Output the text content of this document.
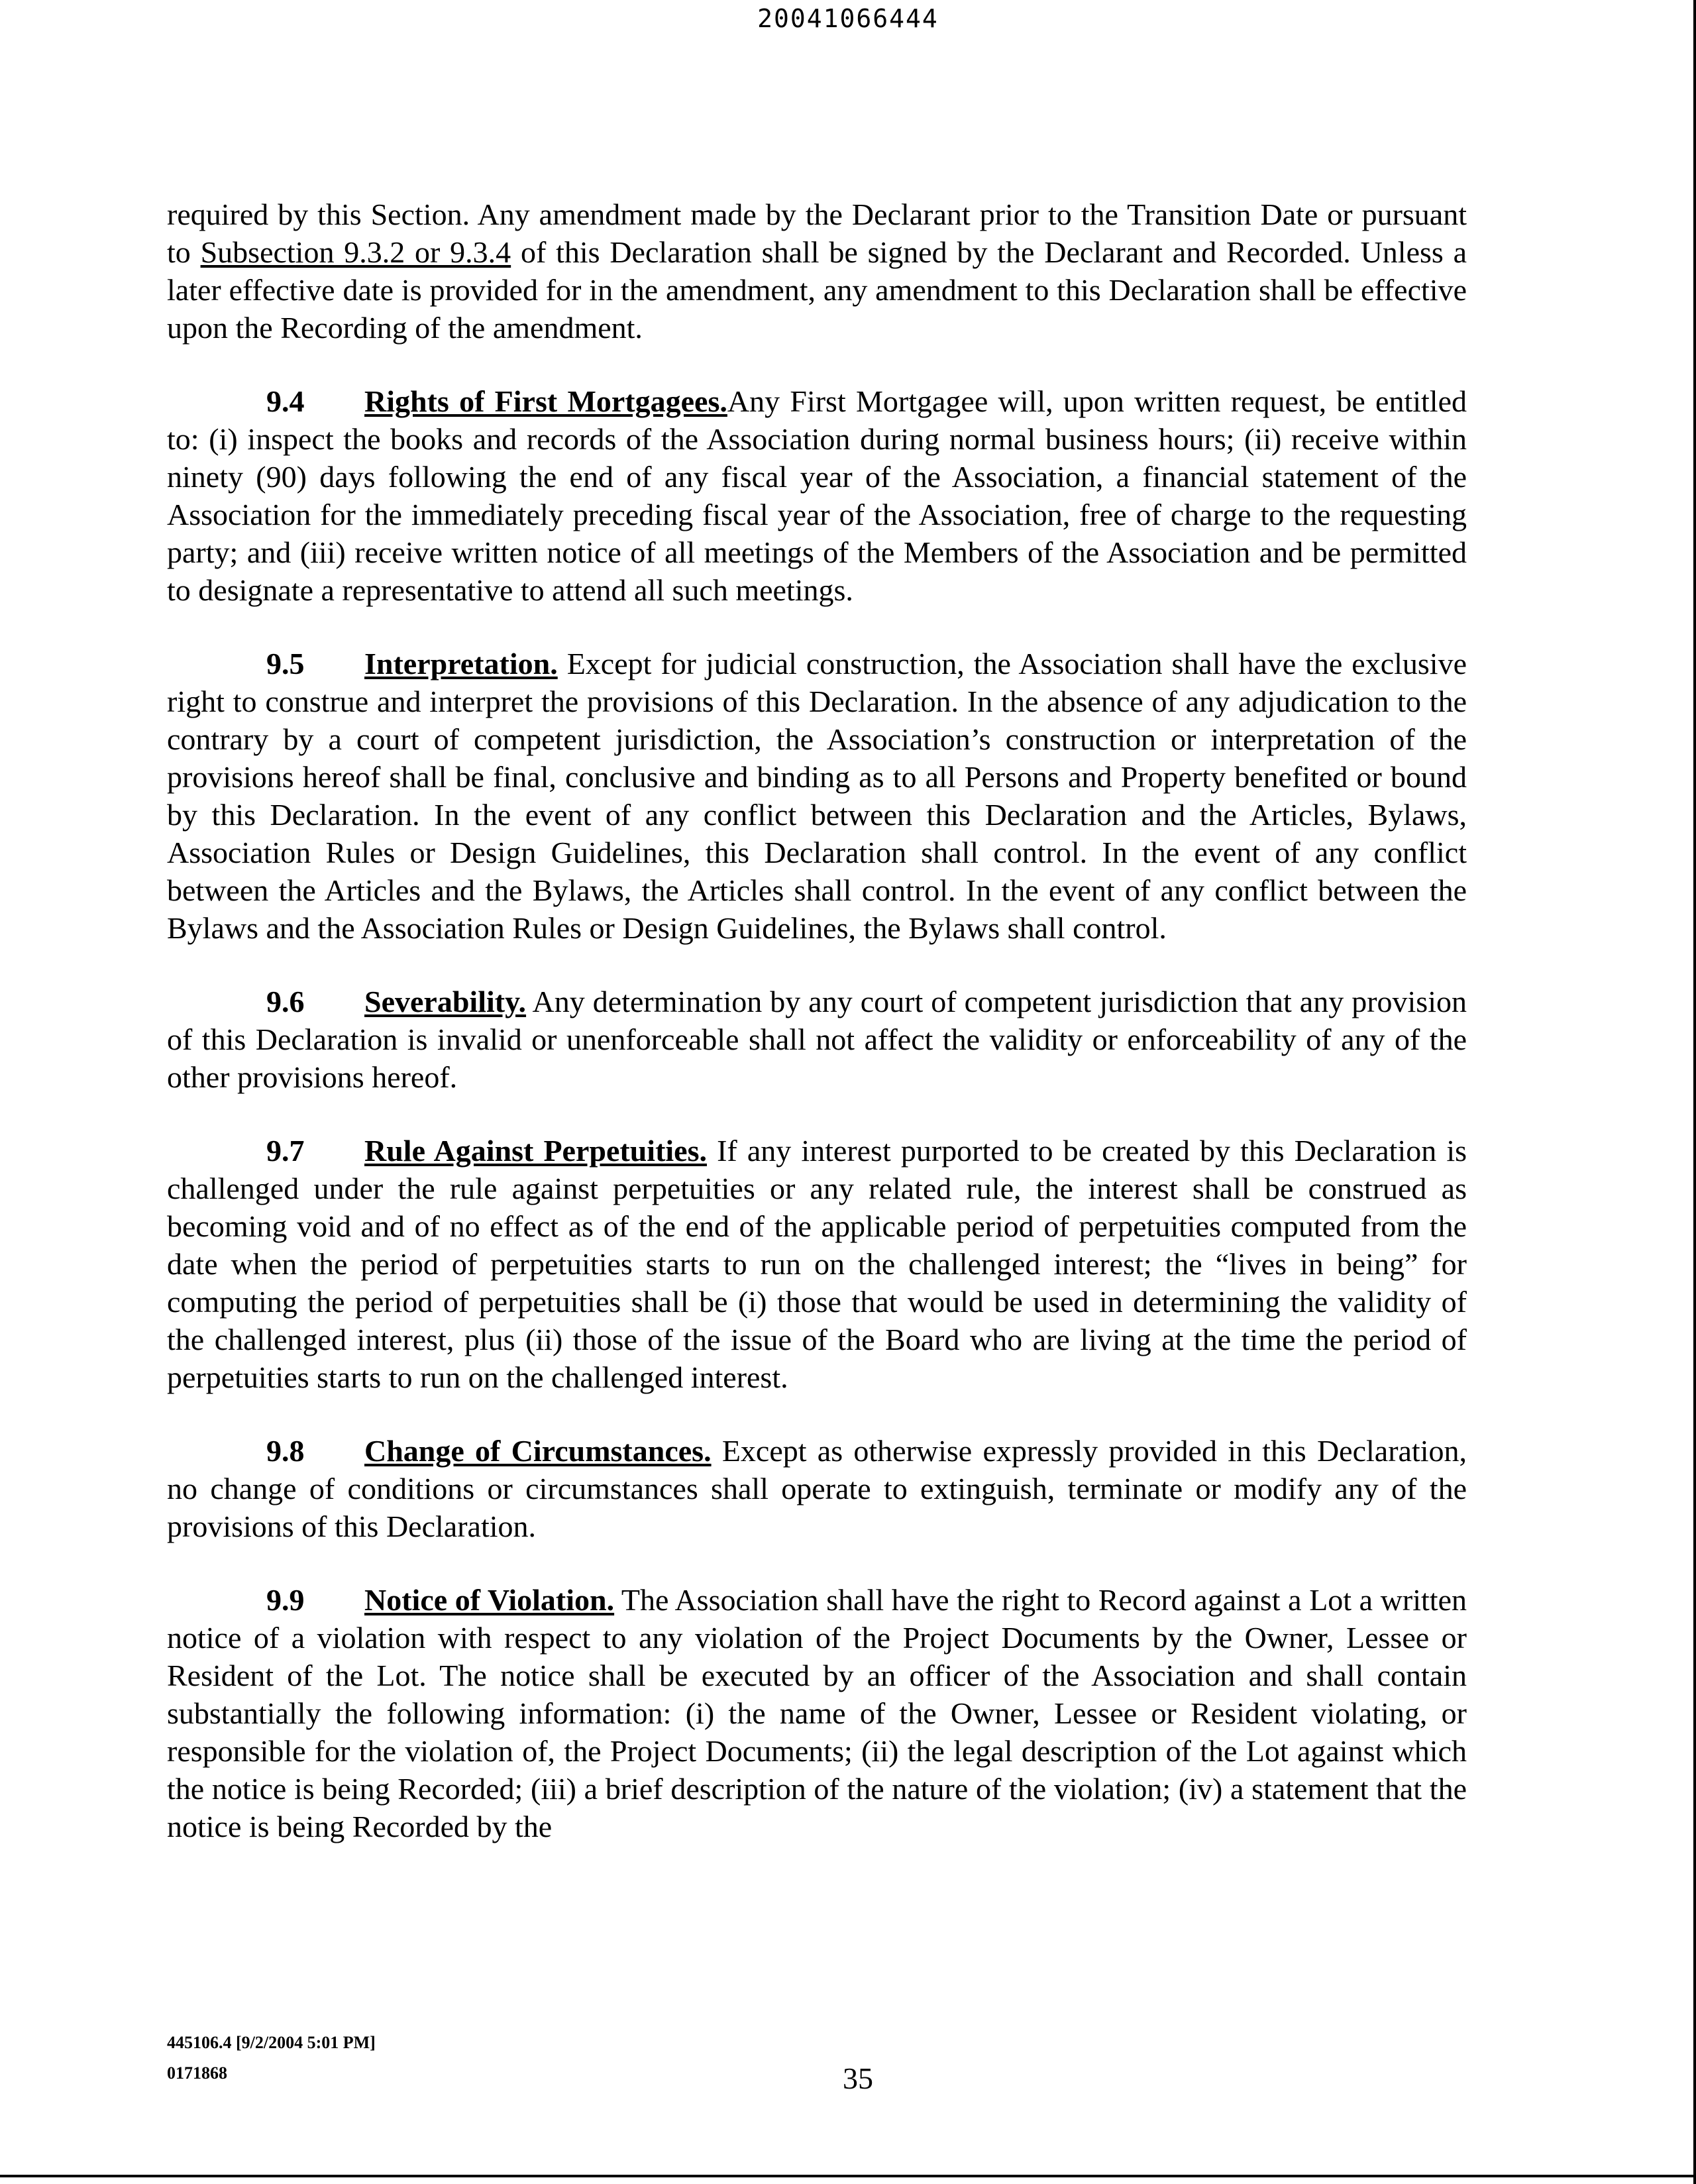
20041066444

required by this Section. Any amendment made by the Declarant prior to the Transition Date or pursuant to Subsection 9.3.2 or 9.3.4 of this Declaration shall be signed by the Declarant and Recorded. Unless a later effective date is provided for in the amendment, any amendment to this Declaration shall be effective upon the Recording of the amendment.

9.4 Rights of First Mortgagees.Any First Mortgagee will, upon written request, be entitled to: (i) inspect the books and records of the Association during normal business hours; (ii) receive within ninety (90) days following the end of any fiscal year of the Association, a financial statement of the Association for the immediately preceding fiscal year of the Association, free of charge to the requesting party; and (iii) receive written notice of all meetings of the Members of the Association and be permitted to designate a representative to attend all such meetings.

9.5 Interpretation. Except for judicial construction, the Association shall have the exclusive right to construe and interpret the provisions of this Declaration. In the absence of any adjudication to the contrary by a court of competent jurisdiction, the Association’s construction or interpretation of the provisions hereof shall be final, conclusive and binding as to all Persons and Property benefited or bound by this Declaration. In the event of any conflict between this Declaration and the Articles, Bylaws, Association Rules or Design Guidelines, this Declaration shall control. In the event of any conflict between the Articles and the Bylaws, the Articles shall control. In the event of any conflict between the Bylaws and the Association Rules or Design Guidelines, the Bylaws shall control.

9.6 Severability. Any determination by any court of competent jurisdiction that any provision of this Declaration is invalid or unenforceable shall not affect the validity or enforceability of any of the other provisions hereof.

9.7 Rule Against Perpetuities. If any interest purported to be created by this Declaration is challenged under the rule against perpetuities or any related rule, the interest shall be construed as becoming void and of no effect as of the end of the applicable period of perpetuities computed from the date when the period of perpetuities starts to run on the challenged interest; the “lives in being” for computing the period of perpetuities shall be (i) those that would be used in determining the validity of the challenged interest, plus (ii) those of the issue of the Board who are living at the time the period of perpetuities starts to run on the challenged interest.

9.8 Change of Circumstances. Except as otherwise expressly provided in this Declaration, no change of conditions or circumstances shall operate to extinguish, terminate or modify any of the provisions of this Declaration.

9.9 Notice of Violation. The Association shall have the right to Record against a Lot a written notice of a violation with respect to any violation of the Project Documents by the Owner, Lessee or Resident of the Lot. The notice shall be executed by an officer of the Association and shall contain substantially the following information: (i) the name of the Owner, Lessee or Resident violating, or responsible for the violation of, the Project Documents; (ii) the legal description of the Lot against which the notice is being Recorded; (iii) a brief description of the nature of the violation; (iv) a statement that the notice is being Recorded by the

445106.4 [9/2/2004 5:01 PM]
0171868	35
